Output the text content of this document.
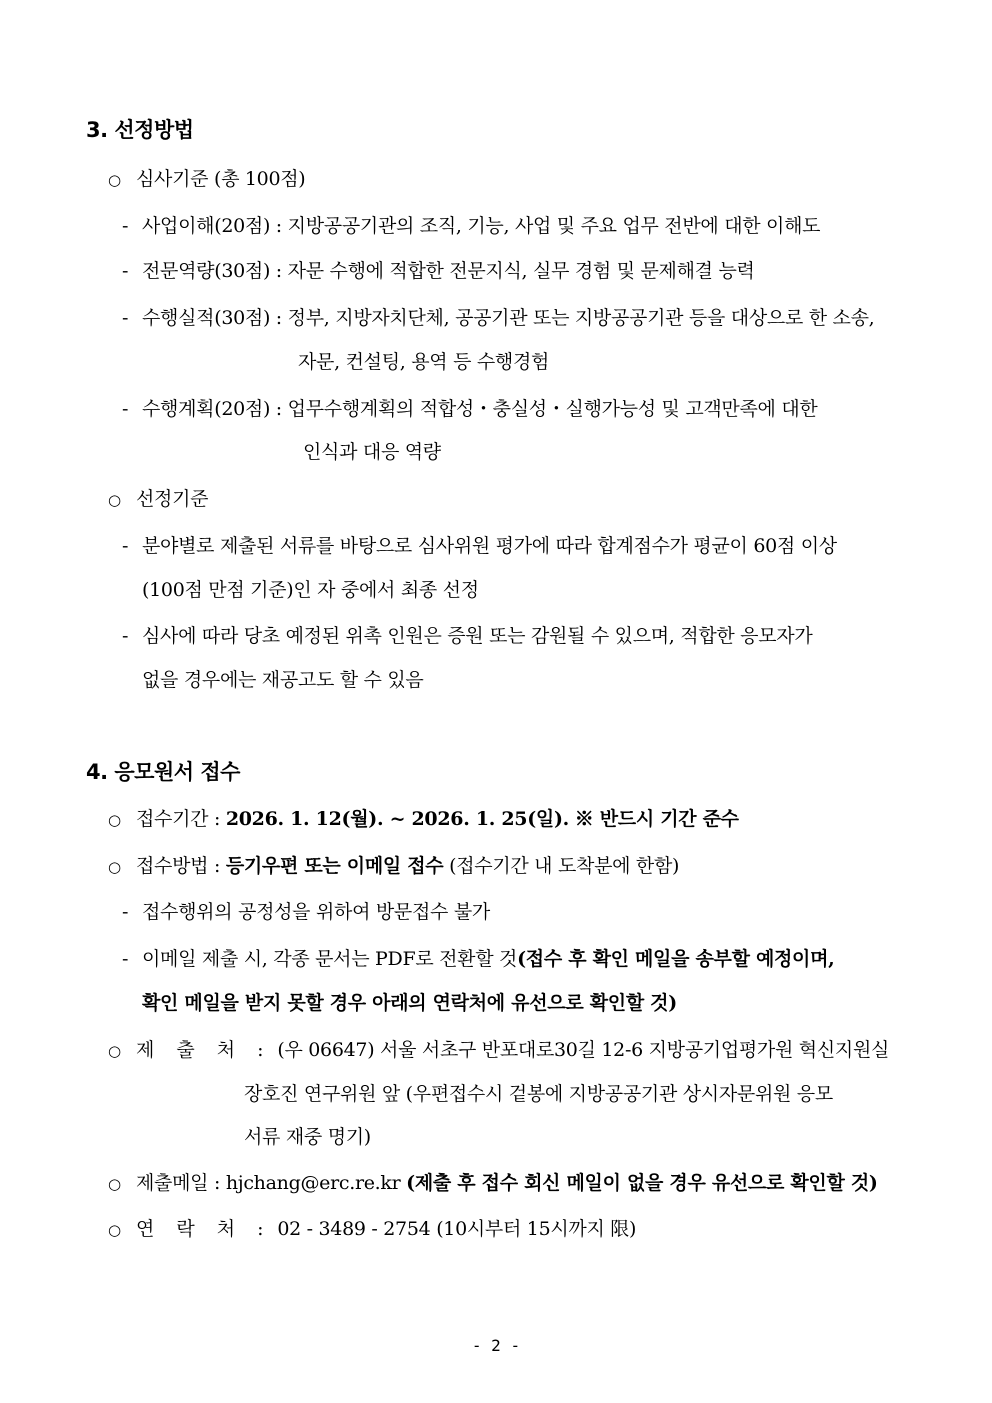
3. 선정방법
○ 심사기준 (총 100점)
- 사업이해(20점) : 지방공공기관의 조직, 기능, 사업 및 주요 업무 전반에 대한 이해도
- 전문역량(30점) : 자문 수행에 적합한 전문지식, 실무 경험 및 문제해결 능력
- 수행실적(30점) : 정부, 지방자치단체, 공공기관 또는 지방공공기관 등을 대상으로 한 소송,
자문, 컨설팅, 용역 등 수행경험
- 수행계획(20점) : 업무수행계획의 적합성・충실성・실행가능성 및 고객만족에 대한
인식과 대응 역량
○ 선정기준
- 분야별로 제출된 서류를 바탕으로 심사위원 평가에 따라 합계점수가 평균이 60점 이상
(100점 만점 기준)인 자 중에서 최종 선정
- 심사에 따라 당초 예정된 위촉 인원은 증원 또는 감원될 수 있으며, 적합한 응모자가
없을 경우에는 재공고도 할 수 있음
4. 응모원서 접수
○ 접수기간 : 2026. 1. 12(월). ~ 2026. 1. 25(일). ※ 반드시 기간 준수
○ 접수방법 : 등기우편 또는 이메일 접수 (접수기간 내 도착분에 한함)
- 접수행위의 공정성을 위하여 방문접수 불가
- 이메일 제출 시, 각종 문서는 PDF로 전환할 것(접수 후 확인 메일을 송부할 예정이며,
확인 메일을 받지 못할 경우 아래의 연락처에 유선으로 확인할 것)
○ 제 출 처 : (우 06647) 서울 서초구 반포대로30길 12-6 지방공기업평가원 혁신지원실
장호진 연구위원 앞 (우편접수시 겉봉에 지방공공기관 상시자문위원 응모
서류 재중 명기)
○ 제출메일 : hjchang@erc.re.kr (제출 후 접수 회신 메일이 없을 경우 유선으로 확인할 것)
○ 연 락 처 : 02 - 3489 - 2754 (10시부터 15시까지 限)
- 2 -
